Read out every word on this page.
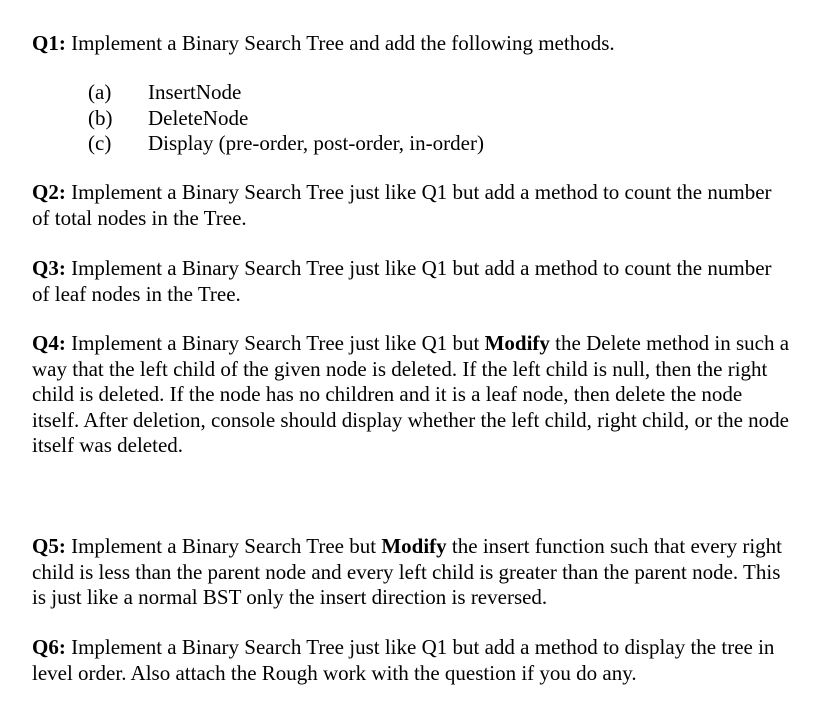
Q1: Implement a Binary Search Tree and add the following methods.

(a)	InsertNode
(b)	DeleteNode
(c)	Display (pre-order, post-order, in-order)

Q2: Implement a Binary Search Tree just like Q1 but add a method to count the number of total nodes in the Tree.

Q3: Implement a Binary Search Tree just like Q1 but add a method to count the number of leaf nodes in the Tree.

Q4: Implement a Binary Search Tree just like Q1 but Modify the Delete method in such a way that the left child of the given node is deleted. If the left child is null, then the right child is deleted. If the node has no children and it is a leaf node, then delete the node itself. After deletion, console should display whether the left child, right child, or the node itself was deleted.

Q5: Implement a Binary Search Tree but Modify the insert function such that every right child is less than the parent node and every left child is greater than the parent node. This is just like a normal BST only the insert direction is reversed.

Q6: Implement a Binary Search Tree just like Q1 but add a method to display the tree in level order. Also attach the Rough work with the question if you do any.
